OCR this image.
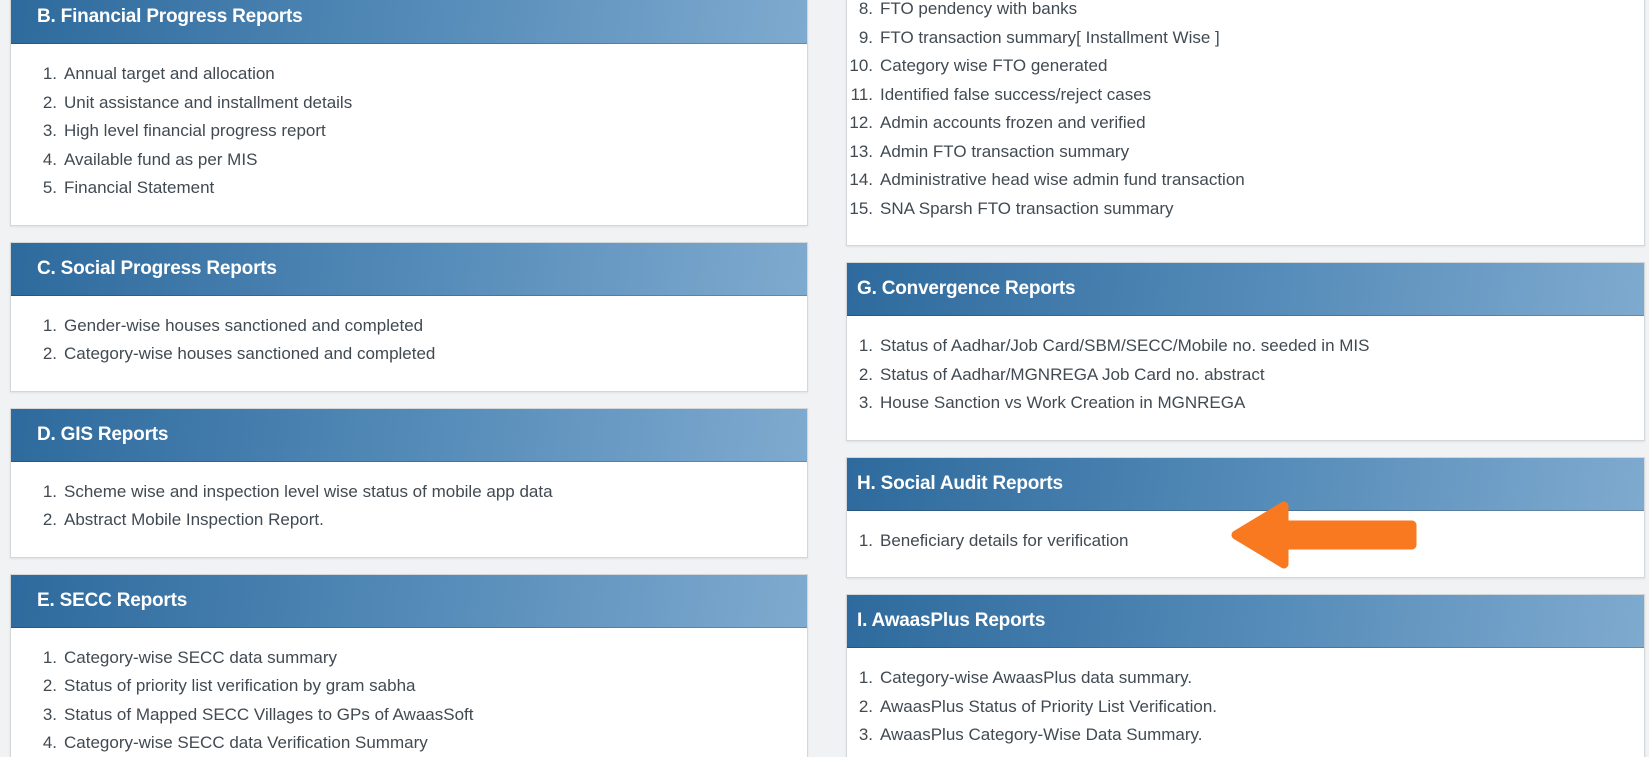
B. Financial Progress Reports
1. Annual target and allocation
2. Unit assistance and installment details
3. High level financial progress report
4. Available fund as per MIS
5. Financial Statement
C. Social Progress Reports
1. Gender-wise houses sanctioned and completed
2. Category-wise houses sanctioned and completed
D. GIS Reports
1. Scheme wise and inspection level wise status of mobile app data
2. Abstract Mobile Inspection Report.
E. SECC Reports
1. Category-wise SECC data summary
2. Status of priority list verification by gram sabha
3. Status of Mapped SECC Villages to GPs of AwaasSoft
4. Category-wise SECC data Verification Summary
8. FTO pendency with banks
9. FTO transaction summary[ Installment Wise ]
10. Category wise FTO generated
11. Identified false success/reject cases
12. Admin accounts frozen and verified
13. Admin FTO transaction summary
14. Administrative head wise admin fund transaction
15. SNA Sparsh FTO transaction summary
G. Convergence Reports
1. Status of Aadhar/Job Card/SBM/SECC/Mobile no. seeded in MIS
2. Status of Aadhar/MGNREGA Job Card no. abstract
3. House Sanction vs Work Creation in MGNREGA
H. Social Audit Reports
1. Beneficiary details for verification
I. AwaasPlus Reports
1. Category-wise AwaasPlus data summary.
2. AwaasPlus Status of Priority List Verification.
3. AwaasPlus Category-Wise Data Summary.
